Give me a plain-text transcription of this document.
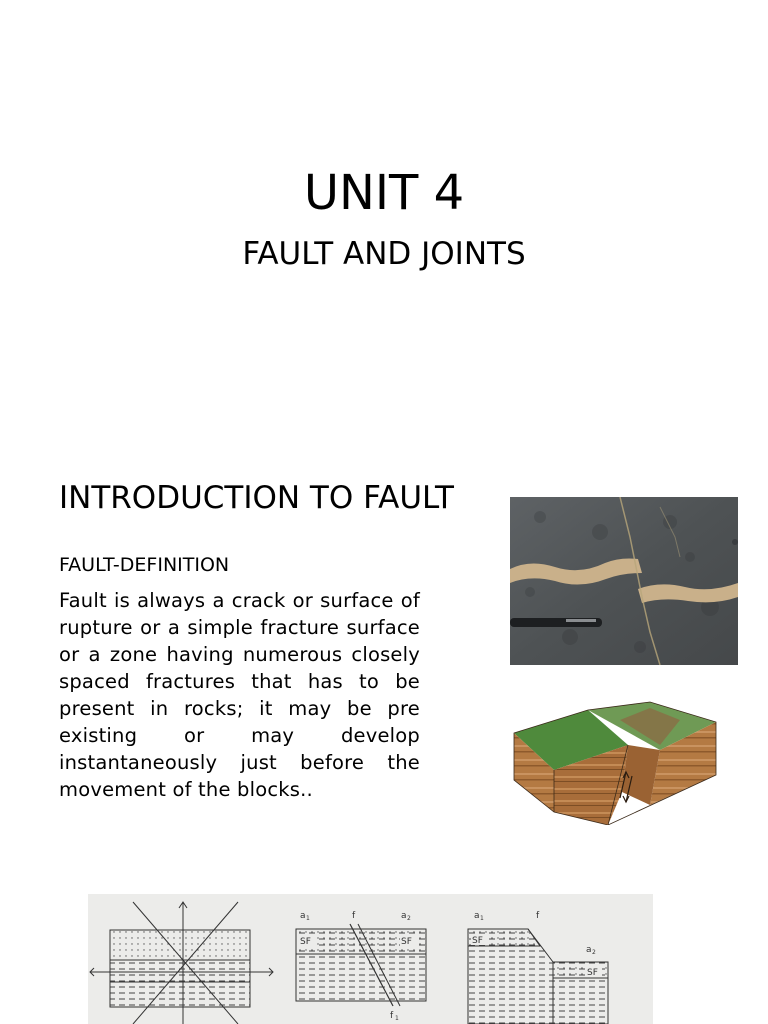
UNIT 4
FAULT AND JOINTS
INTRODUCTION TO FAULT
FAULT-DEFINITION

Fault is always a crack or surface of rupture or a simple fracture surface or a zone having numerous closely spaced fractures that has to be present in rocks; it may be pre existing or may develop instantaneously just before the movement of the blocks..

SF	SF
a 1	f	a 2
f 1
SF
SF
a 1	f
a 2
